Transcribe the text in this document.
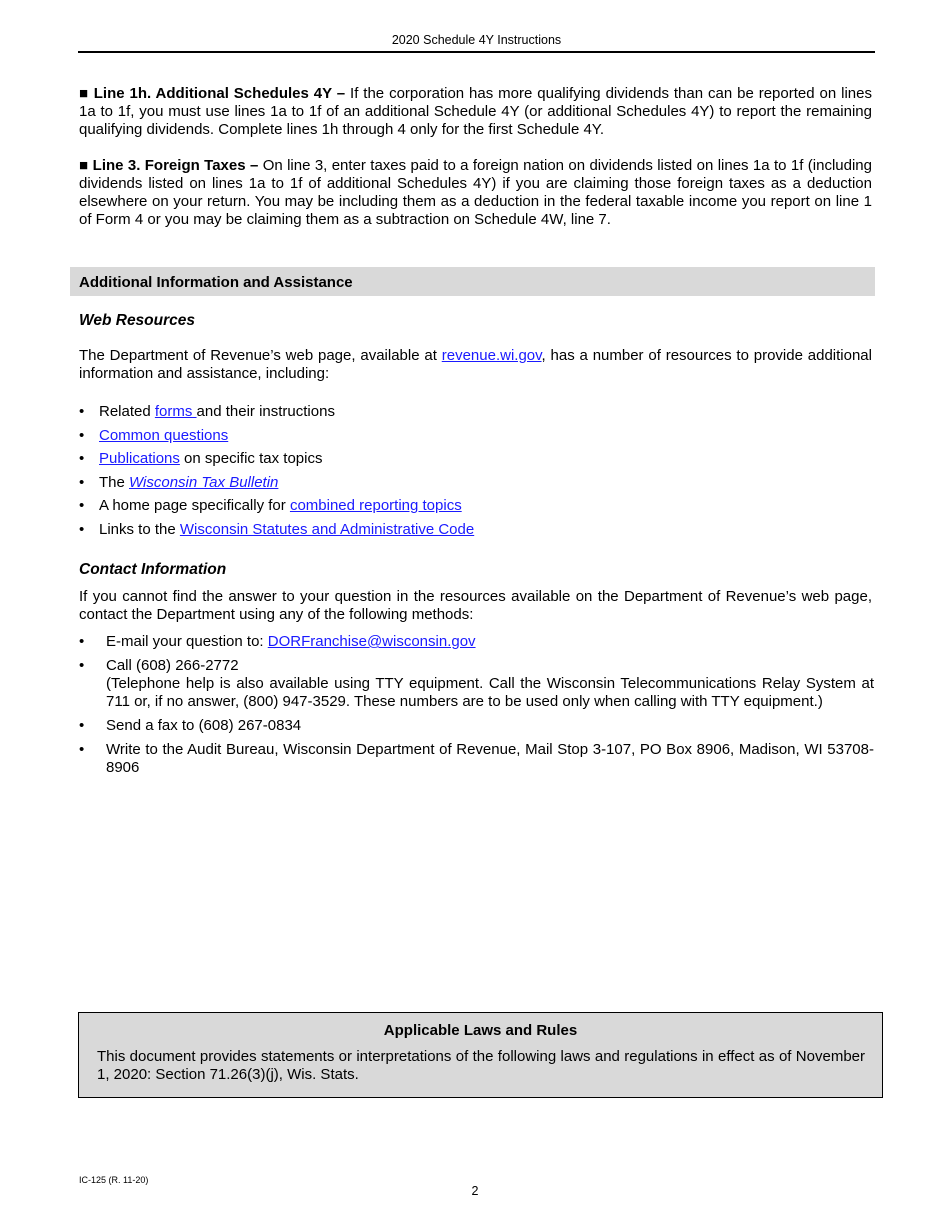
2020 Schedule 4Y Instructions
■ Line 1h. Additional Schedules 4Y – If the corporation has more qualifying dividends than can be reported on lines 1a to 1f, you must use lines 1a to 1f of an additional Schedule 4Y (or additional Schedules 4Y) to report the remaining qualifying dividends. Complete lines 1h through 4 only for the first Schedule 4Y.
■ Line 3. Foreign Taxes – On line 3, enter taxes paid to a foreign nation on dividends listed on lines 1a to 1f (including dividends listed on lines 1a to 1f of additional Schedules 4Y) if you are claiming those foreign taxes as a deduction elsewhere on your return. You may be including them as a deduction in the federal taxable income you report on line 1 of Form 4 or you may be claiming them as a subtraction on Schedule 4W, line 7.
Additional Information and Assistance
Web Resources
The Department of Revenue’s web page, available at revenue.wi.gov, has a number of resources to provide additional information and assistance, including:
• Related forms and their instructions
• Common questions
• Publications on specific tax topics
• The Wisconsin Tax Bulletin
• A home page specifically for combined reporting topics
• Links to the Wisconsin Statutes and Administrative Code
Contact Information
If you cannot find the answer to your question in the resources available on the Department of Revenue’s web page, contact the Department using any of the following methods:
• E-mail your question to: DORFranchise@wisconsin.gov
• Call (608) 266-2772
(Telephone help is also available using TTY equipment. Call the Wisconsin Telecommunications Relay System at 711 or, if no answer, (800) 947-3529. These numbers are to be used only when calling with TTY equipment.)
• Send a fax to (608) 267-0834
• Write to the Audit Bureau, Wisconsin Department of Revenue, Mail Stop 3-107, PO Box 8906, Madison, WI 53708-8906
Applicable Laws and Rules
This document provides statements or interpretations of the following laws and regulations in effect as of November 1, 2020: Section 71.26(3)(j), Wis. Stats.
IC-125 (R. 11-20)
2
